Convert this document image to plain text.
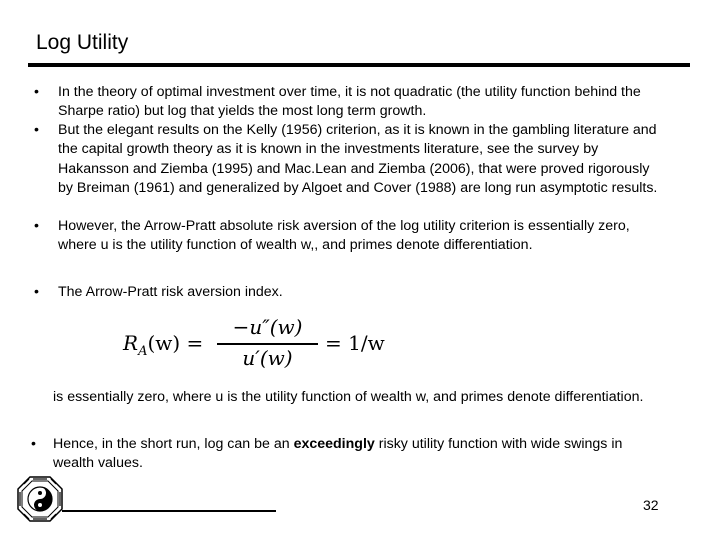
Log Utility
• In the theory of optimal investment over time, it is not quadratic (the utility function behind the Sharpe ratio) but log that yields the most long term growth.
• But the elegant results on the Kelly (1956) criterion, as it is known in the gambling literature and the capital growth theory as it is known in the investments literature, see the survey by Hakansson and Ziemba (1995) and Mac.Lean and Ziemba (2006), that were proved rigorously by Breiman (1961) and generalized by Algoet and Cover (1988) are long run asymptotic results.
• However, the Arrow-Pratt absolute risk aversion of the log utility criterion is essentially zero, where u is the utility function of wealth w,, and primes denote differentiation.
• The Arrow-Pratt risk aversion index.
$R_A(w)$ =
−u″(w)
u′(w)
= 1/w
is essentially zero, where u is the utility function of wealth w, and primes denote differentiation.
• Hence, in the short run, log can be an exceedingly risky utility function with wide swings in wealth values.
32
